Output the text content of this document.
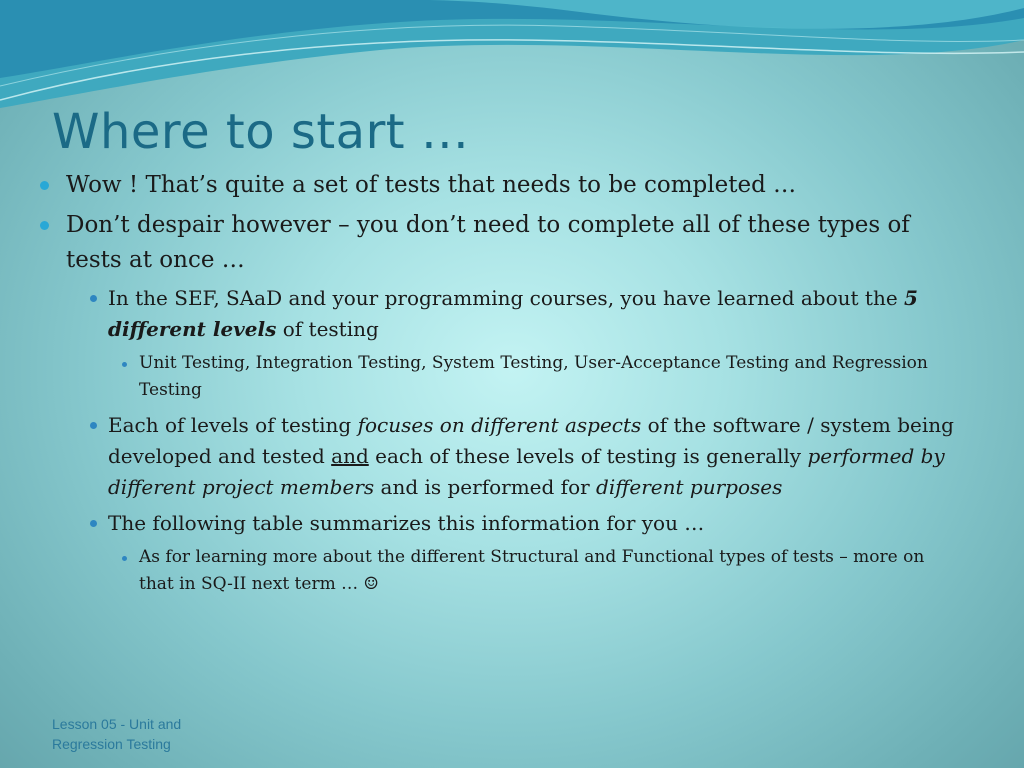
Where to start …
Wow ! That’s quite a set of tests that needs to be completed …
Don’t despair however – you don’t need to complete all of these types of tests at once …
In the SEF, SAaD and your programming courses, you have learned about the 5 different levels of testing
Unit Testing, Integration Testing, System Testing, User-Acceptance Testing and Regression Testing
Each of levels of testing focuses on different aspects of the software / system being developed and tested and each of these levels of testing is generally performed by different project members and is performed for different purposes
The following table summarizes this information for you …
As for learning more about the different Structural and Functional types of tests – more on that in SQ-II next term … ☺
Lesson 05 - Unit and Regression Testing
